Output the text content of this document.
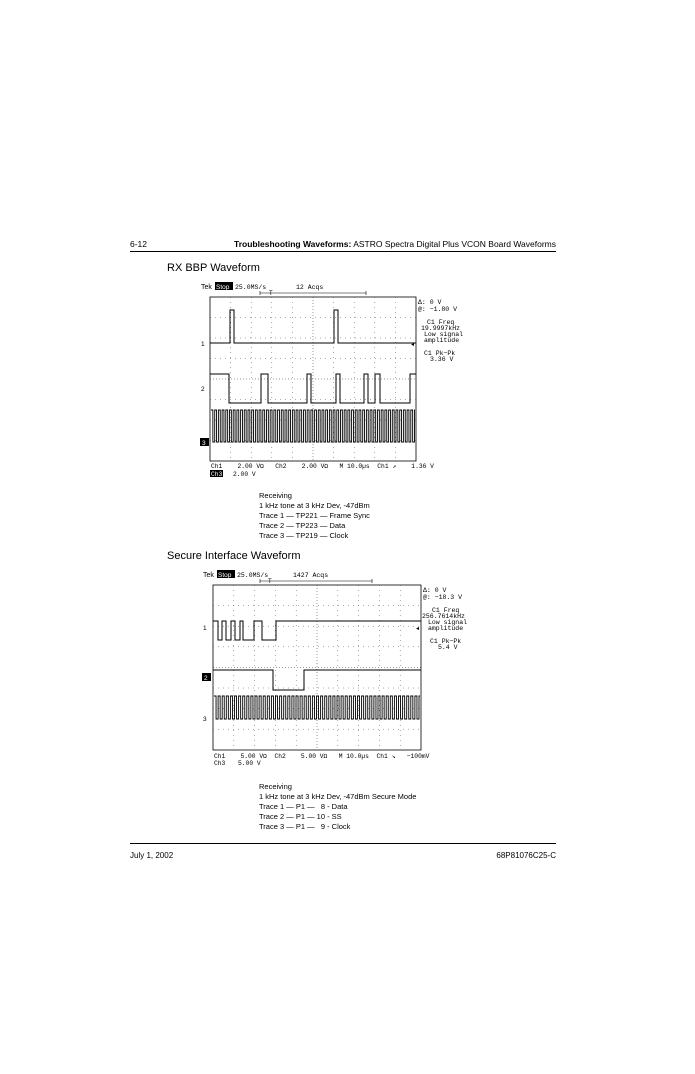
6-12	Troubleshooting Waveforms: ASTRO Spectra Digital Plus VCON Board Waveforms
RX BBP Waveform
Tek Stop 25.0MS/s	12 Acqs
T
1
2
3
Δ: 0 V
@: −1.80 V
C1 Freq
19.9997kHz
Low signal
amplitude
C1 Pk−Pk
3.36 V
◂
Ch1    2.00 VΩ   Ch2    2.00 VΩ   M 10.0µs  Ch1 ↗    1.36 V
Ch3 2.00 V
Receiving
1 kHz tone at 3 kHz Dev, -47dBm
Trace 1 — TP221 — Frame Sync
Trace 2 — TP223 — Data
Trace 3 — TP219 — Clock
Secure Interface Waveform
Tek Stop 25.0MS/s	1427 Acqs
T
1
2
3
Δ: 0 V
@: −18.3 V
C1 Freq
256.7614kHz
Low signal
amplitude
C1 Pk−Pk
5.4 V
◂
Ch1    5.00 VΩ  Ch2    5.00 VΩ   M 10.0µs  Ch1 ↘   −100mV
Ch3 5.00 V
Receiving
1 kHz tone at 3 kHz Dev, -47dBm Secure Mode
Trace 1 — P1 —   8 - Data
Trace 2 — P1 — 10 - SS
Trace 3 — P1 —   9 - Clock
July 1, 2002	68P81076C25-C
